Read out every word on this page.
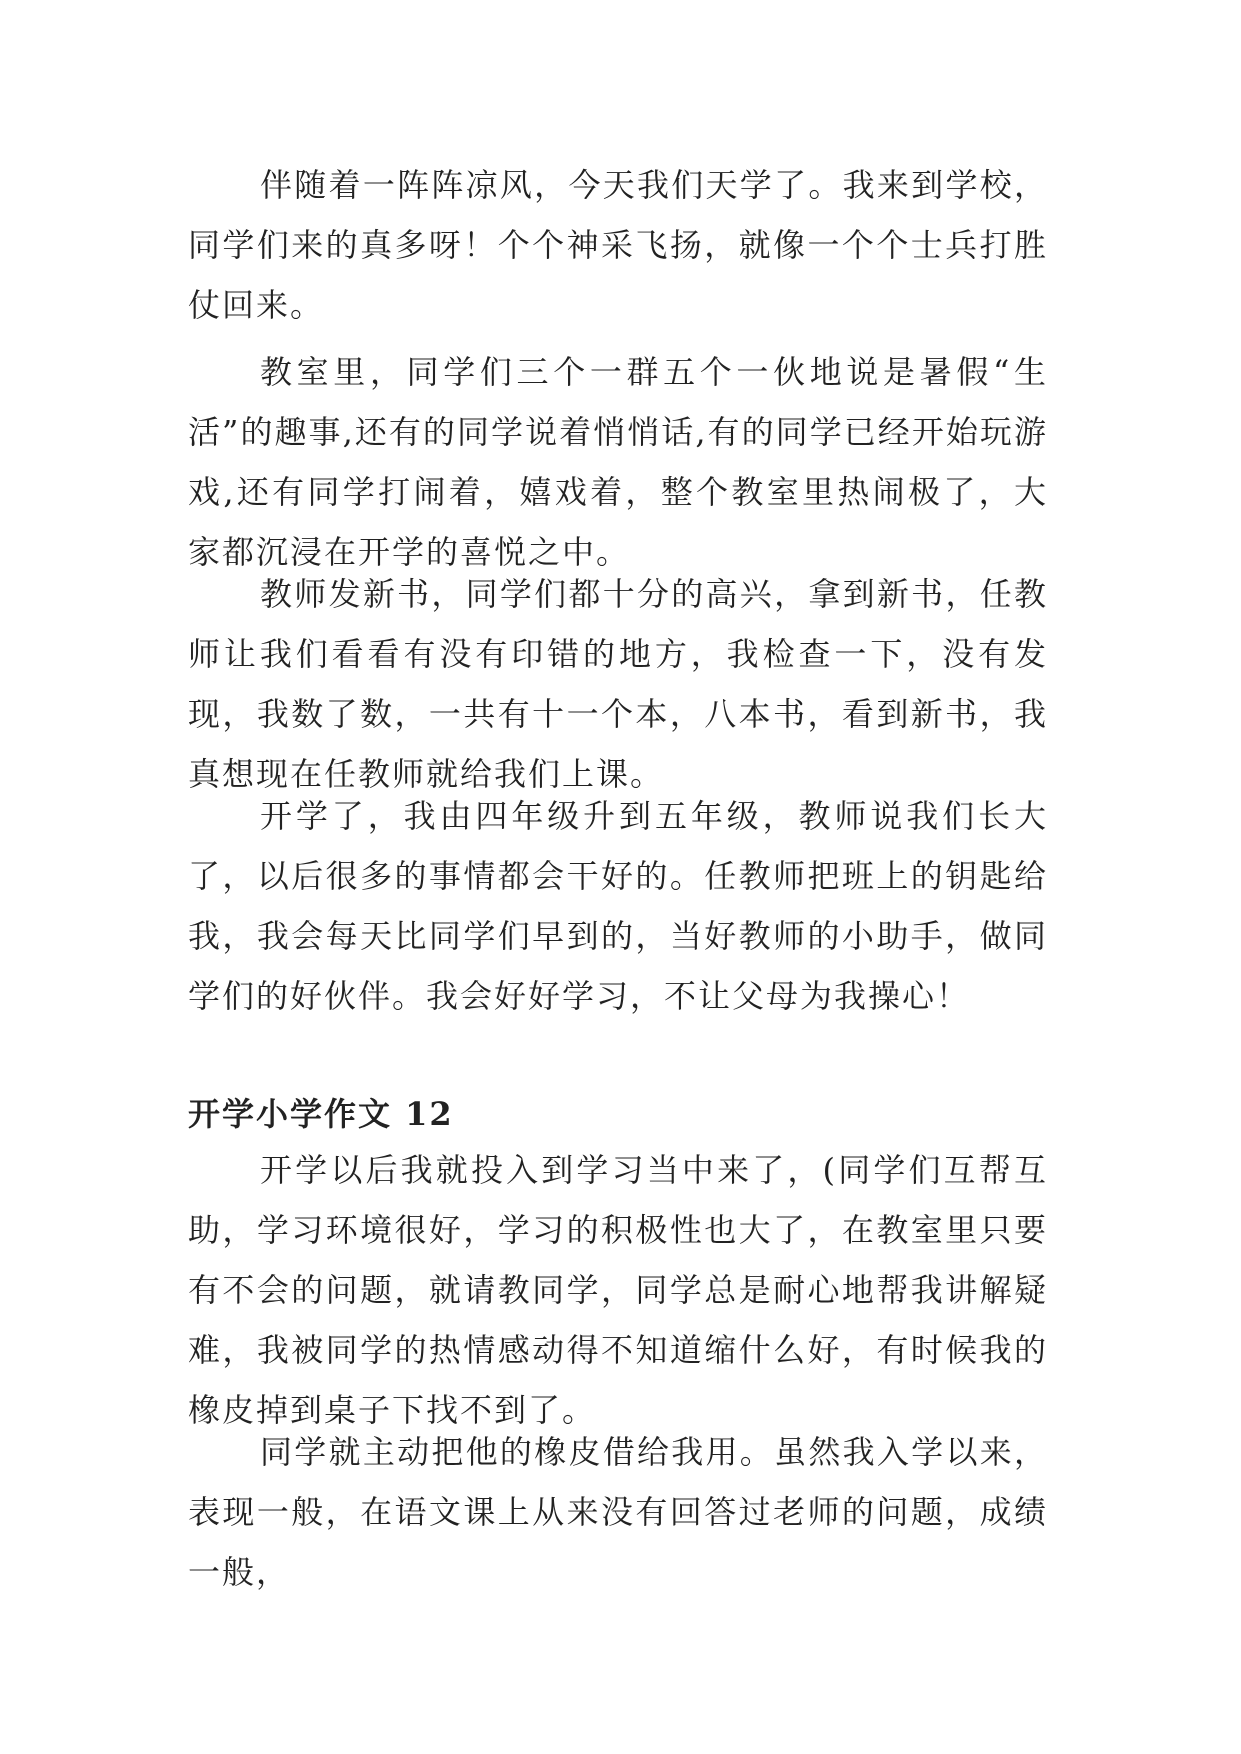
伴随着一阵阵凉风，今天我们天学了。我来到学校，同学们来的真多呀！个个神采飞扬，就像一个个士兵打胜仗回来。

教室里，同学们三个一群五个一伙地说是暑假“生活”的趣事,还有的同学说着悄悄话,有的同学已经开始玩游戏,还有同学打闹着，嬉戏着，整个教室里热闹极了，大家都沉浸在开学的喜悦之中。

教师发新书，同学们都十分的高兴，拿到新书，任教师让我们看看有没有印错的地方，我检查一下，没有发现，我数了数，一共有十一个本，八本书，看到新书，我真想现在任教师就给我们上课。

开学了，我由四年级升到五年级，教师说我们长大了，以后很多的事情都会干好的。任教师把班上的钥匙给我，我会每天比同学们早到的，当好教师的小助手，做同学们的好伙伴。我会好好学习，不让父母为我操心！

开学小学作文 12

开学以后我就投入到学习当中来了，(同学们互帮互助，学习环境很好，学习的积极性也大了，在教室里只要有不会的问题，就请教同学，同学总是耐心地帮我讲解疑难，我被同学的热情感动得不知道缩什么好，有时候我的橡皮掉到桌子下找不到了。

同学就主动把他的橡皮借给我用。虽然我入学以来，表现一般，在语文课上从来没有回答过老师的问题，成绩一般，
